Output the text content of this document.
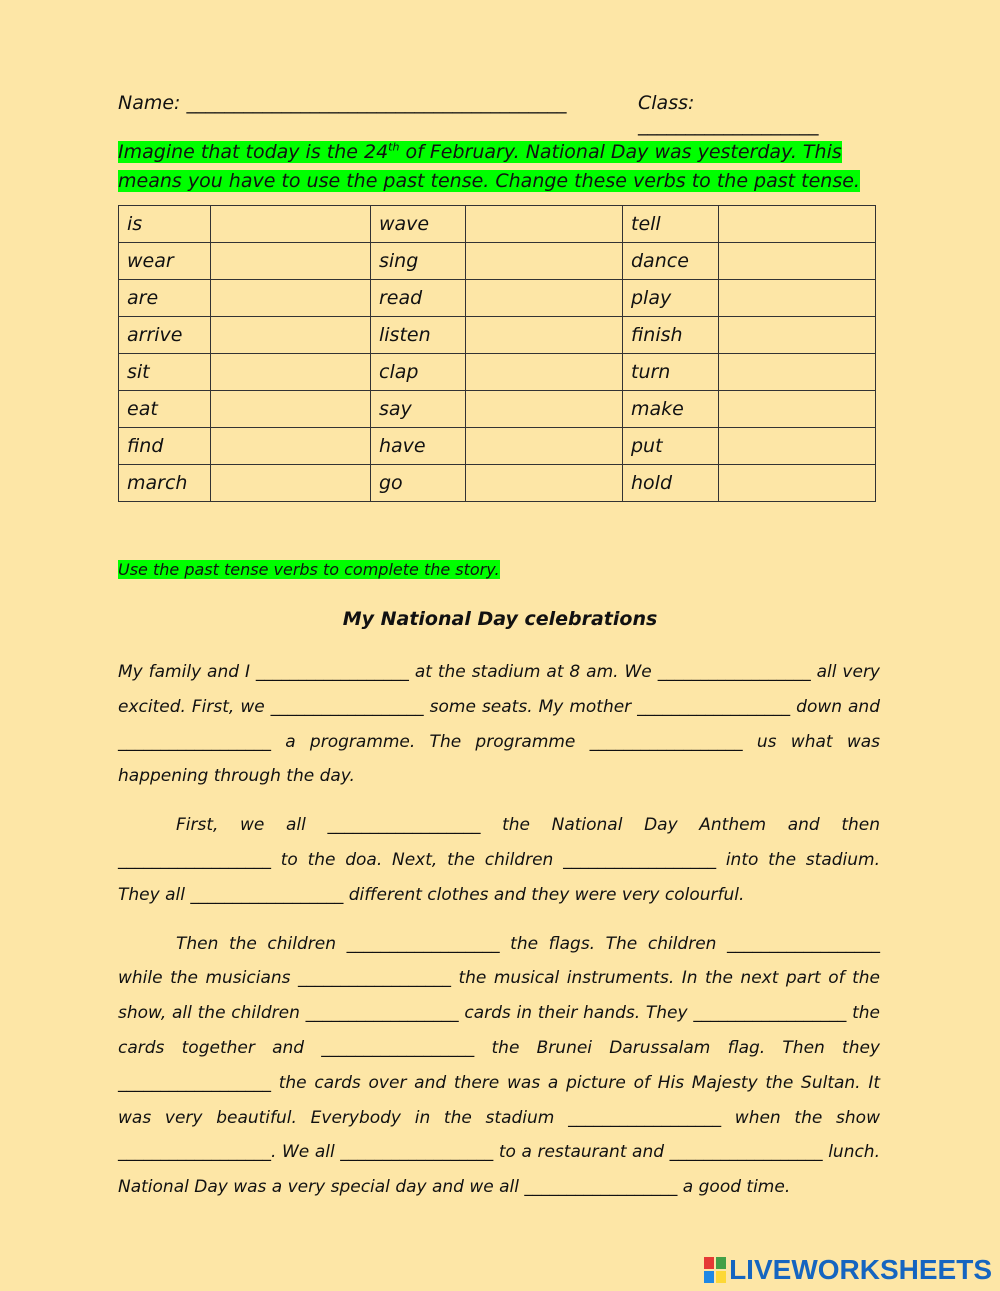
Name: ________________________________________	Class: ___________________
Imagine that today is the 24th of February. National Day was yesterday. This means you have to use the past tense. Change these verbs to the past tense.
is		wave		tell	
wear		sing		dance	
are		read		play	
arrive		listen		finish	
sit		clap		turn	
eat		say		make	
find		have		put	
march		go		hold	
Use the past tense verbs to complete the story.
My National Day celebrations

My family and I __________________ at the stadium at 8 am. We __________________ all very excited. First, we __________________ some seats. My mother __________________ down and __________________ a programme. The programme __________________ us what was happening through the day.

First, we all __________________ the National Day Anthem and then __________________ to the doa. Next, the children __________________ into the stadium. They all __________________ different clothes and they were very colourful.

Then the children __________________ the flags. The children __________________ while the musicians __________________ the musical instruments. In the next part of the show, all the children __________________ cards in their hands. They __________________ the cards together and __________________ the Brunei Darussalam flag. Then they __________________ the cards over and there was a picture of His Majesty the Sultan. It was very beautiful. Everybody in the stadium __________________ when the show __________________. We all __________________ to a restaurant and __________________ lunch. National Day was a very special day and we all __________________ a good time.

LIVEWORKSHEETS
